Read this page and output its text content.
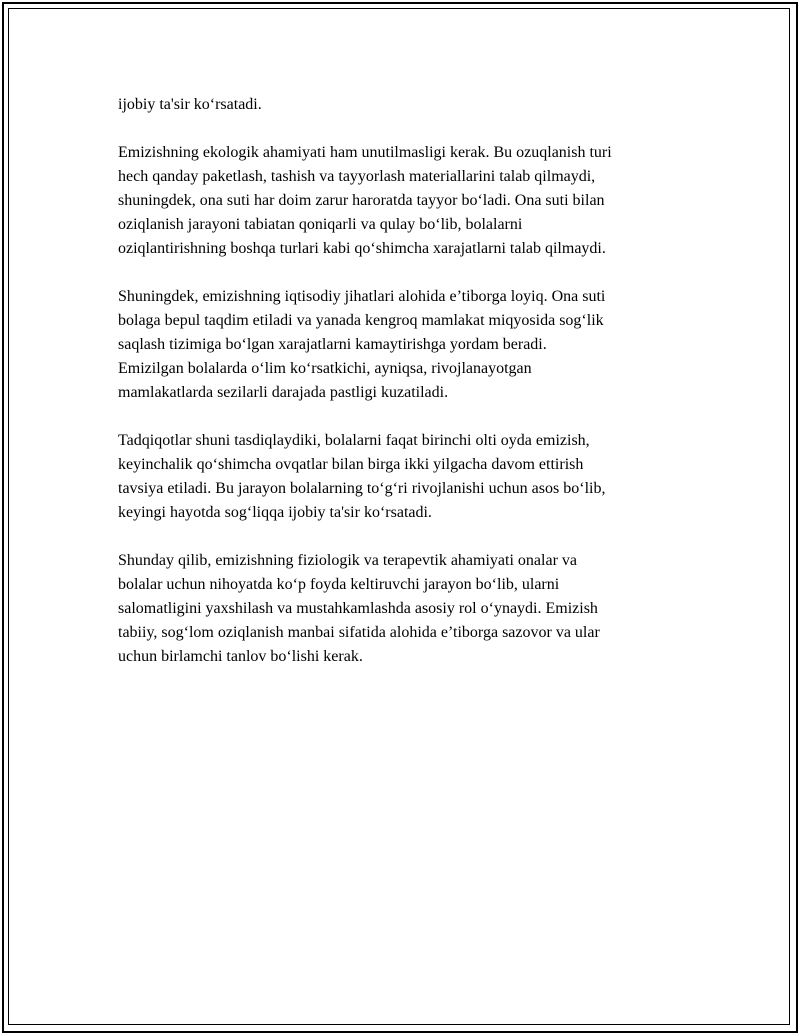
ijobiy ta'sir ko‘rsatadi.

Emizishning ekologik ahamiyati ham unutilmasligi kerak. Bu ozuqlanish turi
hech qanday paketlash, tashish va tayyorlash materiallarini talab qilmaydi,
shuningdek, ona suti har doim zarur haroratda tayyor bo‘ladi. Ona suti bilan
oziqlanish jarayoni tabiatan qoniqarli va qulay bo‘lib, bolalarni
oziqlantirishning boshqa turlari kabi qo‘shimcha xarajatlarni talab qilmaydi.

Shuningdek, emizishning iqtisodiy jihatlari alohida e’tiborga loyiq. Ona suti
bolaga bepul taqdim etiladi va yanada kengroq mamlakat miqyosida sog‘lik
saqlash tizimiga bo‘lgan xarajatlarni kamaytirishga yordam beradi.
Emizilgan bolalarda o‘lim ko‘rsatkichi, ayniqsa, rivojlanayotgan
mamlakatlarda sezilarli darajada pastligi kuzatiladi.

Tadqiqotlar shuni tasdiqlaydiki, bolalarni faqat birinchi olti oyda emizish,
keyinchalik qo‘shimcha ovqatlar bilan birga ikki yilgacha davom ettirish
tavsiya etiladi. Bu jarayon bolalarning to‘g‘ri rivojlanishi uchun asos bo‘lib,
keyingi hayotda sog‘liqqa ijobiy ta'sir ko‘rsatadi.

Shunday qilib, emizishning fiziologik va terapevtik ahamiyati onalar va
bolalar uchun nihoyatda ko‘p foyda keltiruvchi jarayon bo‘lib, ularni
salomatligini yaxshilash va mustahkamlashda asosiy rol o‘ynaydi. Emizish
tabiiy, sog‘lom oziqlanish manbai sifatida alohida e’tiborga sazovor va ular
uchun birlamchi tanlov bo‘lishi kerak.
